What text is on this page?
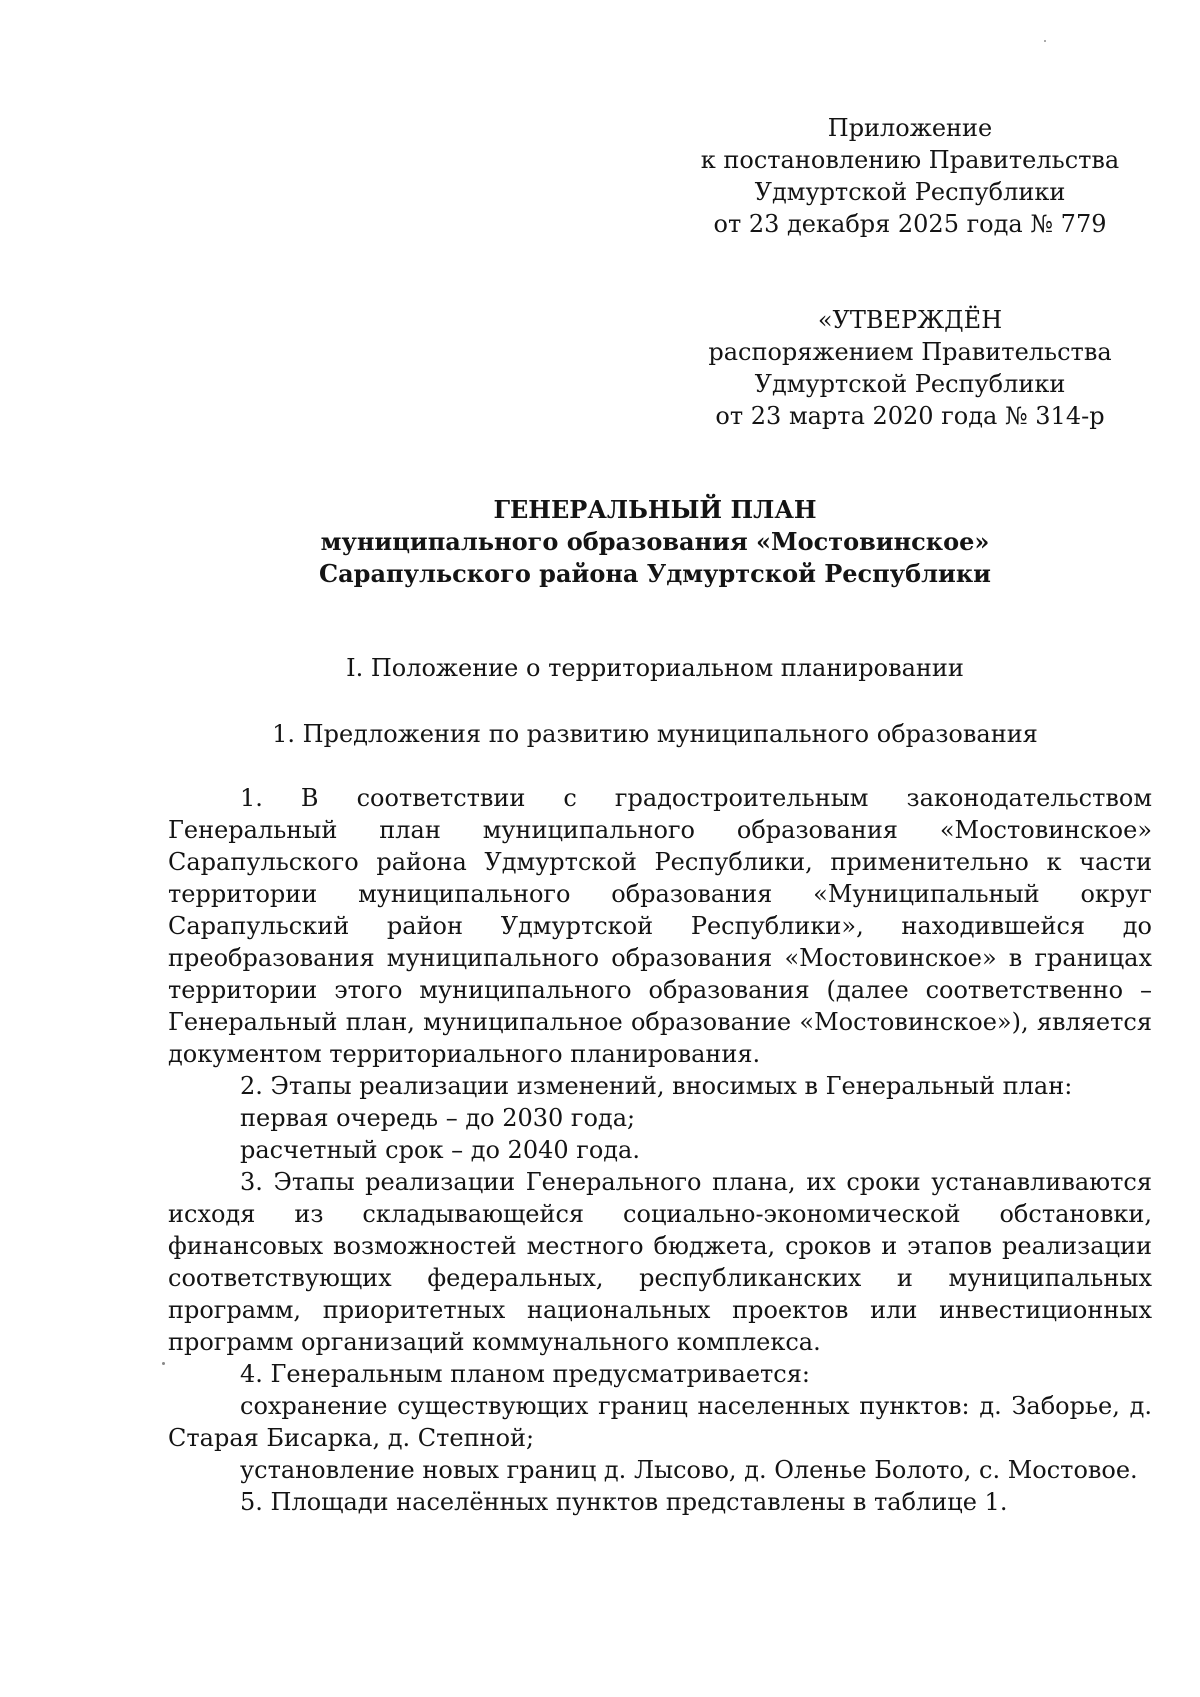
Приложение
к постановлению Правительства
Удмуртской Республики
от 23 декабря 2025 года № 779
«УТВЕРЖДЁН
распоряжением Правительства
Удмуртской Республики
от 23 марта 2020 года № 314-р
ГЕНЕРАЛЬНЫЙ ПЛАН
муниципального образования «Мостовинское»
Сарапульского района Удмуртской Республики
I. Положение о территориальном планировании
1. Предложения по развитию муниципального образования

1. В соответствии с градостроительным законодательством Генеральный план муниципального образования «Мостовинское» Сарапульского района Удмуртской Республики, применительно к части территории муниципального образования «Муниципальный округ Сарапульский район Удмуртской Республики», находившейся до преобразования муниципального образования «Мостовинское» в границах территории этого муниципального образования (далее соответственно – Генеральный план, муниципальное образование «Мостовинское»), является документом территориального планирования.

2. Этапы реализации изменений, вносимых в Генеральный план:

первая очередь – до 2030 года;

расчетный срок – до 2040 года.

3. Этапы реализации Генерального плана, их сроки устанавливаются исходя из складывающейся социально-экономической обстановки, финансовых возможностей местного бюджета, сроков и этапов реализации соответствующих федеральных, республиканских и муниципальных программ, приоритетных национальных проектов или инвестиционных программ организаций коммунального комплекса.

4. Генеральным планом предусматривается:

сохранение существующих границ населенных пунктов: д. Заборье, д. Старая Бисарка, д. Степной;

установление новых границ д. Лысово, д. Оленье Болото, с. Мостовое.

5. Площади населённых пунктов представлены в таблице 1.
